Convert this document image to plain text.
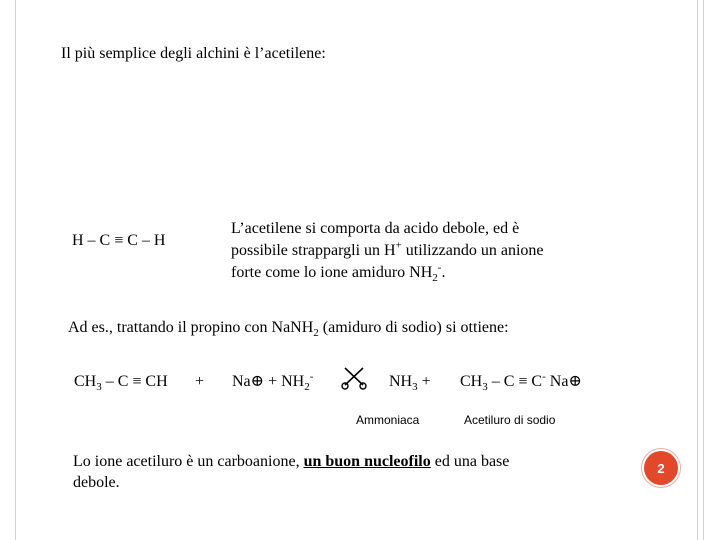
Il più semplice degli alchini è l’acetilene:
H – C ≡ C – H
L’acetilene si comporta da acido debole, ed è
possibile strappargli un H+ utilizzando un anione
forte come lo ione amiduro $NH_2^-$.
Ad es., trattando il propino con NaNH$_2$ (amiduro di sodio) si ottiene:
$CH_3$ – C ≡ CH + Na⊕ + $NH_2^-$	$NH_3 + CH_3 - C \equiv C^-$ Na⊕
Ammoniaca	Acetiluro di sodio
Lo ione acetiluro è un carboanione, un buon nucleofilo ed una base
debole.
2
